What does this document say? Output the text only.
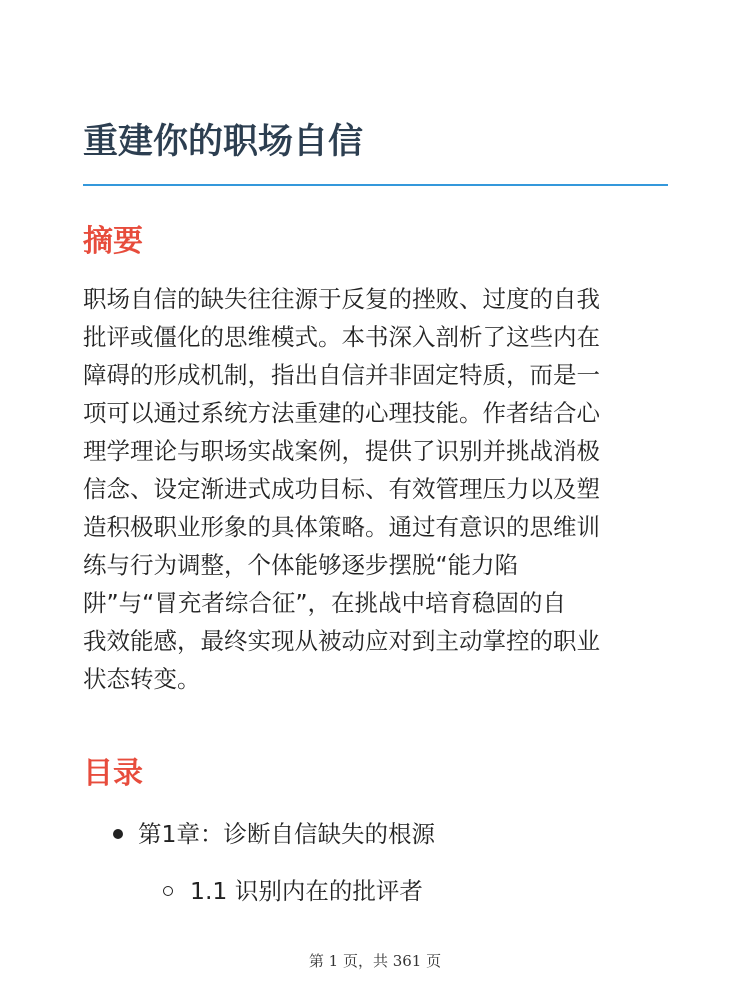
重建你的职场自信
摘要

职场自信的缺失往往源于反复的挫败、过度的自我
批评或僵化的思维模式。本书深入剖析了这些内在
障碍的形成机制，指出自信并非固定特质，而是一
项可以通过系统方法重建的心理技能。作者结合心
理学理论与职场实战案例，提供了识别并挑战消极
信念、设定渐进式成功目标、有效管理压力以及塑
造积极职业形象的具体策略。通过有意识的思维训
练与行为调整，个体能够逐步摆脱“能力陷
阱”与“冒充者综合征”，在挑战中培育稳固的自
我效能感，最终实现从被动应对到主动掌控的职业
状态转变。

目录
第1章：诊断自信缺失的根源
1.1 识别内在的批评者
第 1 页，共 361 页
